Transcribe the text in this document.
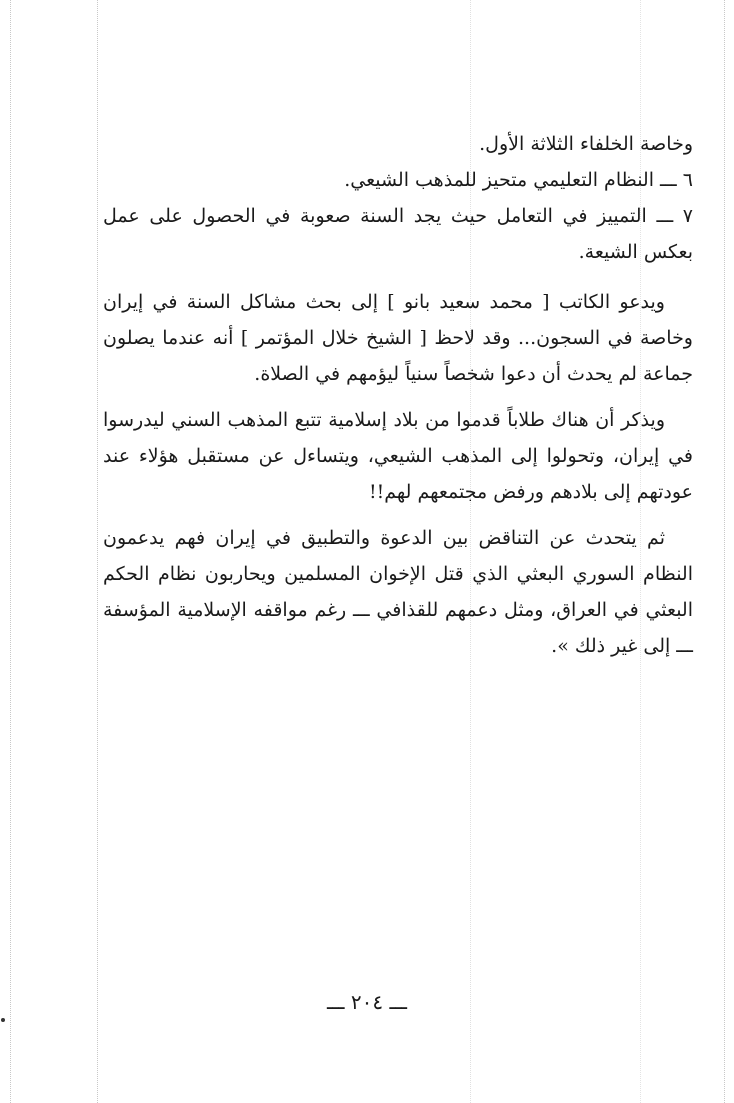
وخاصة الخلفاء الثلاثة الأول.

٦ ـــ النظام التعليمي متحيز للمذهب الشيعي.

٧ ـــ التمييز في التعامل حيث يجد السنة صعوبة في الحصول على عمل بعكس الشيعة.

ويدعو الكاتب [ محمد سعيد بانو ] إلى بحث مشاكل السنة في إيران وخاصة في السجون... وقد لاحظ [ الشيخ خلال المؤتمر ] أنه عندما يصلون جماعة لم يحدث أن دعوا شخصاً سنياً ليؤمهم في الصلاة.

ويذكر أن هناك طلاباً قدموا من بلاد إسلامية تتبع المذهب السني ليدرسوا في إيران، وتحولوا إلى المذهب الشيعي، ويتساءل عن مستقبل هؤلاء عند عودتهم إلى بلادهم ورفض مجتمعهم لهم!!

ثم يتحدث عن التناقض بين الدعوة والتطبيق في إيران فهم يدعمون النظام السوري البعثي الذي قتل الإخوان المسلمين ويحاربون نظام الحكم البعثي في العراق، ومثل دعمهم للقذافي ـــ رغم مواقفه الإسلامية المؤسفة ـــ إلى غير ذلك ».

ـــ ٢٠٤ ـــ
